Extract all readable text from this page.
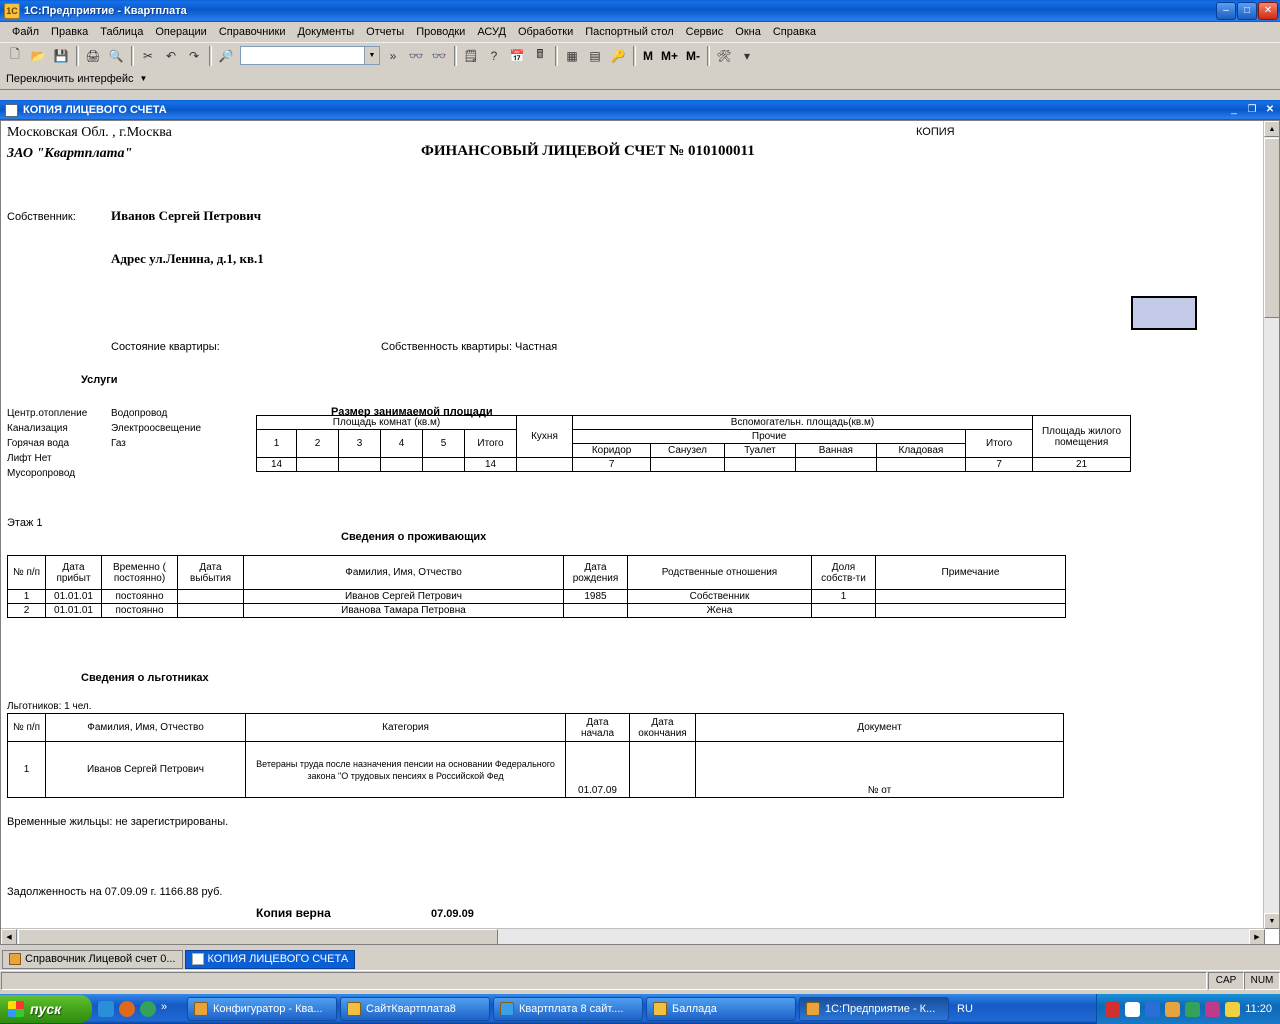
1С 1С:Предприятие - Квартплата	–	□	✕
Файл	Правка	Таблица	Операции	Справочники	Документы	Отчеты	Проводки	АСУД	Обработки	Паспортный стол	Сервис	Окна	Справка
🗋 📂 💾 🖨 🔍	✂	↶	↷	🔎	▼	»	👓 👓 🗒	?	📅 🖩	▦ ▤ 🔑	M M+ M-	🛠	▾
Переключить интерфейс ▼
КОПИЯ ЛИЦЕВОГО СЧЕТА	_	❐ ✕
Московская Обл. , г.Москва
ЗАО "Квартплата"	ФИНАНСОВЫЙ ЛИЦЕВОЙ СЧЕТ № 010100011
КОПИЯ
Собственник:	Иванов Сергей Петрович
Адрес ул.Ленина, д.1, кв.1
Состояние квартиры:	Собственность квартиры: Частная
Услуги
Центр.отопление
Канализация
Горячая вода
Лифт Нет
Мусоропровод
Водопровод
Электроосвещение
Газ
Этаж 1
Размер занимаемой площади
Площадь комнат (кв.м)						Кухня	Вспомогательн. площадь(кв.м)						Площадь жилого помещения
1	2	3	4	5	Итого		Прочие					Итого	
							Коридор	Санузел	Туалет	Ванная	Кладовая		
14					14		7					7	21
Сведения о проживающих
№ п/п	Дата прибыт	Временно ( постоянно)	Дата выбытия	Фамилия, Имя, Отчество	Дата рождения	Родственные отношения	Доля собств-ти	Примечание
1	01.01.01	постоянно		Иванов Сергей Петрович	1985	Собственник	1	
2	01.01.01	постоянно		Иванова Тамара Петровна		Жена		
Сведения о льготниках
Льготников: 1 чел.
№ п/п	Фамилия, Имя, Отчество	Категория	Дата начала	Дата окончания	Документ
1	Иванов Сергей Петрович	Ветераны труда после назначения пенсии на основании Федерального закона "О трудовых пенсиях в Российской Фед	01.07.09		№ от
Временные жильцы: не зарегистрированы.
Задолженность на 07.09.09 г. 1166.88 руб.
Копия верна	07.09.09
▲
▼
◀	▶
Справочник Лицевой счет 0...	КОПИЯ ЛИЦЕВОГО СЧЕТА
CAP	NUM
пуск	»	Конфигуратор - Ква...	СайтКвартплата8	Квартплата 8 сайт....	Баллада	1С:Предприятие - К...	RU	11:20
